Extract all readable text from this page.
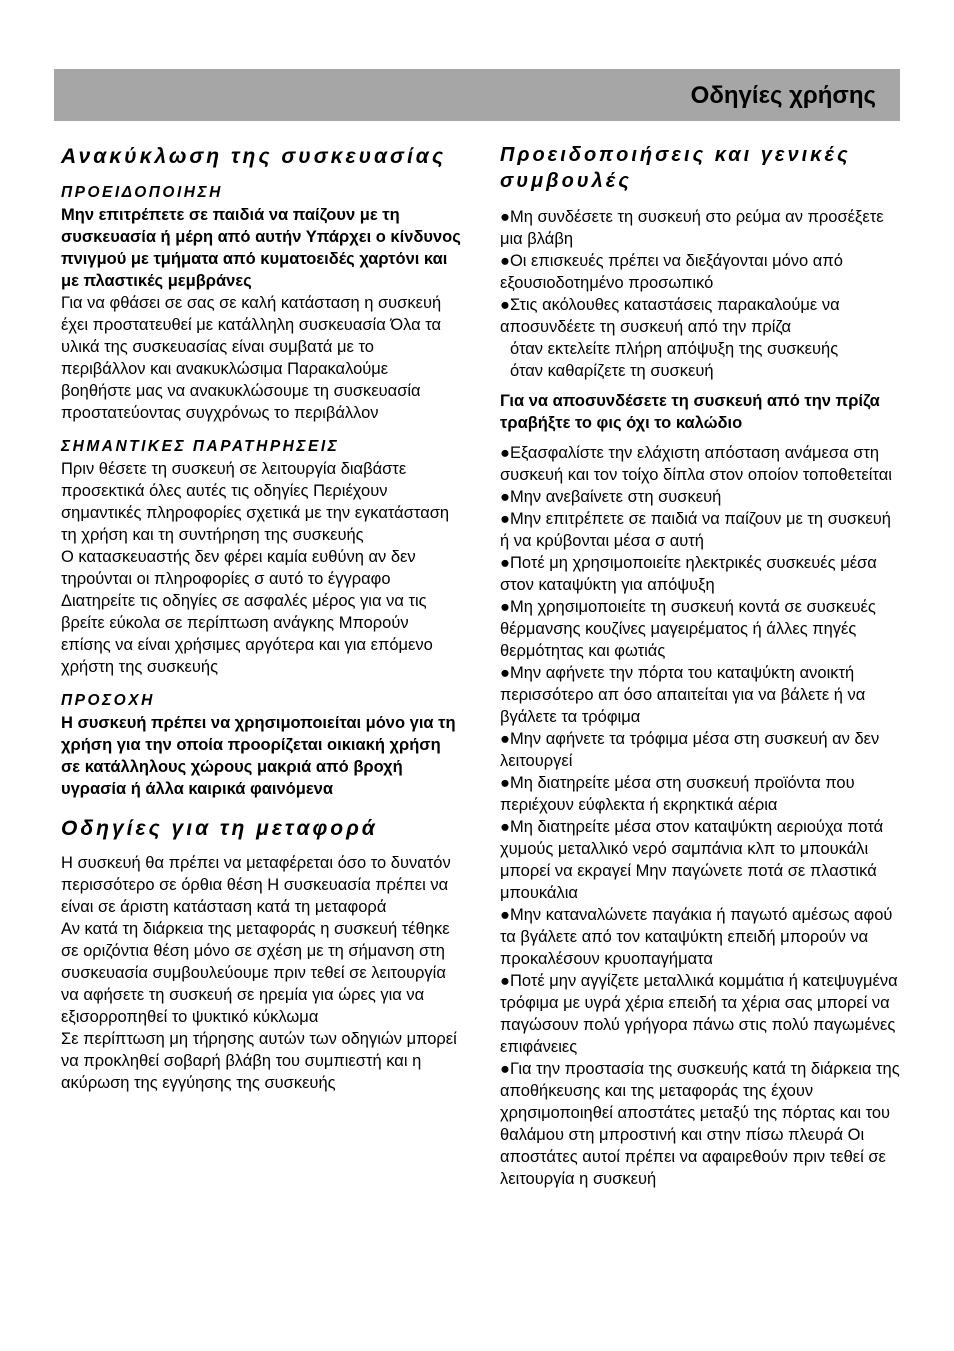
Οδηγίες χρήσης
Ανακύκλωση της συσκευασίας
ΠΡΟΕΙΔΟΠΟΙΗΣΗ

Μην επιτρέπετε σε παιδιά να παίζουν με τη συσκευασία ή μέρη από αυτήν Υπάρχει ο κίνδυνος πνιγμού με τμήματα από κυματοειδές χαρτόνι και με πλαστικές μεμβράνες

Για να φθάσει σε σας σε καλή κατάσταση η συσκευή έχει προστατευθεί με κατάλληλη συσκευασία Όλα τα υλικά της συσκευασίας είναι συμβατά με το περιβάλλον και ανακυκλώσιμα Παρακαλούμε βοηθήστε μας να ανακυκλώσουμε τη συσκευασία προστατεύοντας συγχρόνως το περιβάλλον

ΣΗΜΑΝΤΙΚΕΣ ΠΑΡΑΤΗΡΗΣΕΙΣ

Πριν θέσετε τη συσκευή σε λειτουργία διαβάστε προσεκτικά όλες αυτές τις οδηγίες Περιέχουν σημαντικές πληροφορίες σχετικά με την εγκατάσταση τη χρήση και τη συντήρηση της συσκευής

Ο κατασκευαστής δεν φέρει καμία ευθύνη αν δεν τηρούνται οι πληροφορίες σ αυτό το έγγραφο Διατηρείτε τις οδηγίες σε ασφαλές μέρος για να τις βρείτε εύκολα σε περίπτωση ανάγκης Μπορούν επίσης να είναι χρήσιμες αργότερα και για επόμενο χρήστη της συσκευής

ΠΡΟΣΟΧΗ

Η συσκευή πρέπει να χρησιμοποιείται μόνο για τη χρήση για την οποία προορίζεται οικιακή χρήση σε κατάλληλους χώρους μακριά από βροχή υγρασία ή άλλα καιρικά φαινόμενα

Οδηγίες για τη μεταφορά

Η συσκευή θα πρέπει να μεταφέρεται όσο το δυνατόν περισσότερο σε όρθια θέση Η συσκευασία πρέπει να είναι σε άριστη κατάσταση κατά τη μεταφορά

Αν κατά τη διάρκεια της μεταφοράς η συσκευή τέθηκε σε οριζόντια θέση μόνο σε σχέση με τη σήμανση στη συσκευασία συμβουλεύουμε πριν τεθεί σε λειτουργία να αφήσετε τη συσκευή σε ηρεμία για ώρες για να εξισορροπηθεί το ψυκτικό κύκλωμα

Σε περίπτωση μη τήρησης αυτών των οδηγιών μπορεί να προκληθεί σοβαρή βλάβη του συμπιεστή και η ακύρωση της εγγύησης της συσκευής

Προειδοποιήσεις και γενικές συμβουλές

●Μη συνδέσετε τη συσκευή στο ρεύμα αν προσέξετε μια βλάβη

●Οι επισκευές πρέπει να διεξάγονται μόνο από εξουσιοδοτημένο προσωπικό

●Στις ακόλουθες καταστάσεις παρακαλούμε να αποσυνδέετε τη συσκευή από την πρίζα

όταν εκτελείτε πλήρη απόψυξη της συσκευής

όταν καθαρίζετε τη συσκευή

Για να αποσυνδέσετε τη συσκευή από την πρίζα τραβήξτε το φις όχι το καλώδιο

●Εξασφαλίστε την ελάχιστη απόσταση ανάμεσα στη συσκευή και τον τοίχο δίπλα στον οποίον τοποθετείται

●Μην ανεβαίνετε στη συσκευή

●Μην επιτρέπετε σε παιδιά να παίζουν με τη συσκευή ή να κρύβονται μέσα σ αυτή

●Ποτέ μη χρησιμοποιείτε ηλεκτρικές συσκευές μέσα στον καταψύκτη για απόψυξη

●Μη χρησιμοποιείτε τη συσκευή κοντά σε συσκευές θέρμανσης κουζίνες μαγειρέματος ή άλλες πηγές θερμότητας και φωτιάς

●Μην αφήνετε την πόρτα του καταψύκτη ανοικτή περισσότερο απ όσο απαιτείται για να βάλετε ή να βγάλετε τα τρόφιμα

●Μην αφήνετε τα τρόφιμα μέσα στη συσκευή αν δεν λειτουργεί

●Μη διατηρείτε μέσα στη συσκευή προϊόντα που περιέχουν εύφλεκτα ή εκρηκτικά αέρια

●Μη διατηρείτε μέσα στον καταψύκτη αεριούχα ποτά χυμούς μεταλλικό νερό σαμπάνια κλπ το μπουκάλι μπορεί να εκραγεί Μην παγώνετε ποτά σε πλαστικά μπουκάλια

●Μην καταναλώνετε παγάκια ή παγωτό αμέσως αφού τα βγάλετε από τον καταψύκτη επειδή μπορούν να προκαλέσουν κρυοπαγήματα

●Ποτέ μην αγγίζετε μεταλλικά κομμάτια ή κατεψυγμένα τρόφιμα με υγρά χέρια επειδή τα χέρια σας μπορεί να παγώσουν πολύ γρήγορα πάνω στις πολύ παγωμένες επιφάνειες

●Για την προστασία της συσκευής κατά τη διάρκεια της αποθήκευσης και της μεταφοράς της έχουν χρησιμοποιηθεί αποστάτες μεταξύ της πόρτας και του θαλάμου στη μπροστινή και στην πίσω πλευρά Οι αποστάτες αυτοί πρέπει να αφαιρεθούν πριν τεθεί σε λειτουργία η συσκευή
